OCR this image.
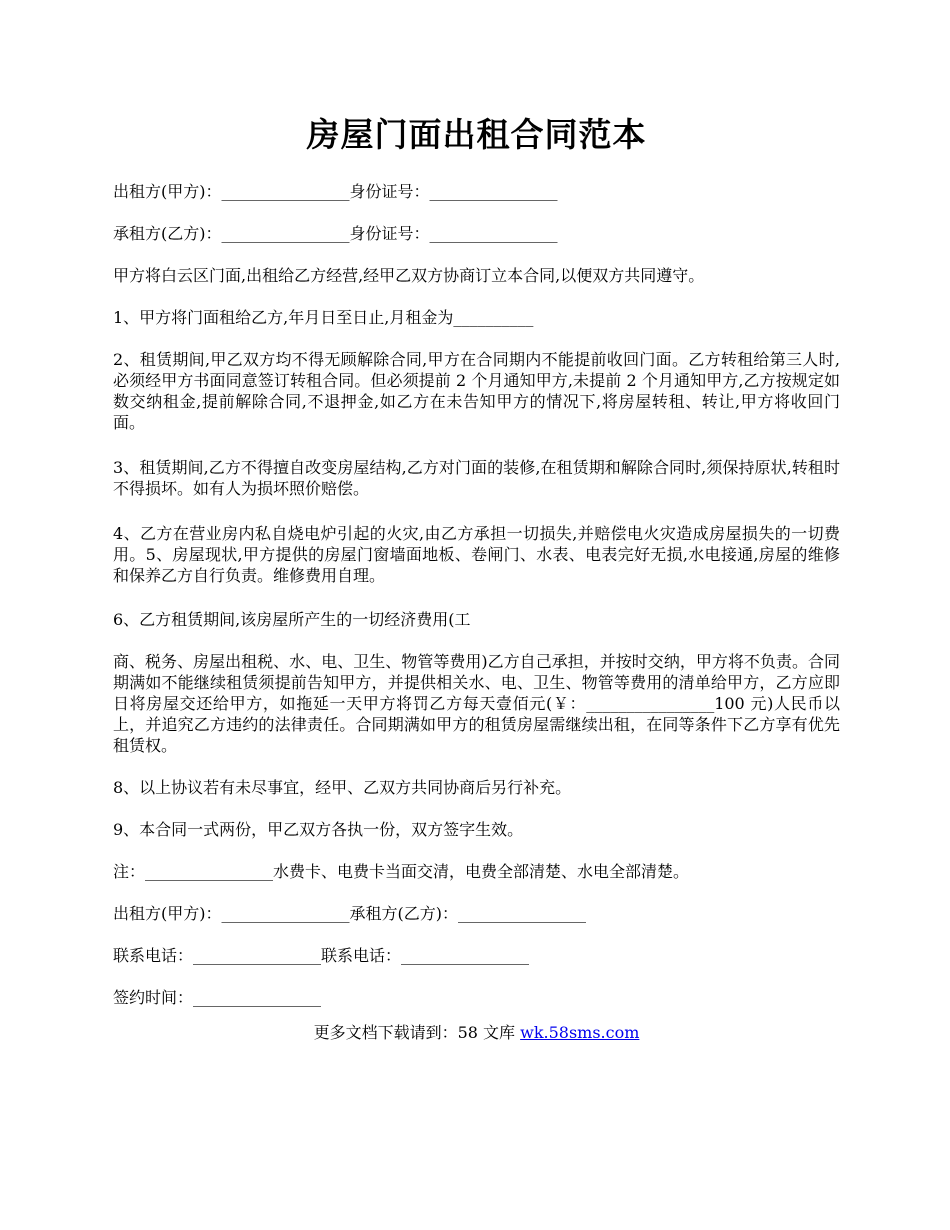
房屋门面出租合同范本
出租方(甲方)：________________身份证号：________________
承租方(乙方)：________________身份证号：________________
甲方将白云区门面,出租给乙方经营,经甲乙双方协商订立本合同,以便双方共同遵守。
1、甲方将门面租给乙方,年月日至日止,月租金为__________
2、租赁期间,甲乙双方均不得无顾解除合同,甲方在合同期内不能提前收回门面。乙方转租给第三人时,必须经甲方书面同意签订转租合同。但必须提前 2 个月通知甲方,未提前 2 个月通知甲方,乙方按规定如数交纳租金,提前解除合同,不退押金,如乙方在未告知甲方的情况下,将房屋转租、转让,甲方将收回门面。
3、租赁期间,乙方不得擅自改变房屋结构,乙方对门面的装修,在租赁期和解除合同时,须保持原状,转租时不得损坏。如有人为损坏照价赔偿。
4、乙方在营业房内私自烧电炉引起的火灾,由乙方承担一切损失,并赔偿电火灾造成房屋损失的一切费用。5、房屋现状,甲方提供的房屋门窗墙面地板、卷闸门、水表、电表完好无损,水电接通,房屋的维修和保养乙方自行负责。维修费用自理。
6、乙方租赁期间,该房屋所产生的一切经济费用(工
商、税务、房屋出租税、水、电、卫生、物管等费用)乙方自己承担，并按时交纳，甲方将不负责。合同期满如不能继续租赁须提前告知甲方，并提供相关水、电、卫生、物管等费用的清单给甲方，乙方应即日将房屋交还给甲方，如拖延一天甲方将罚乙方每天壹佰元(￥：________________100 元)人民币以上，并追究乙方违约的法律责任。合同期满如甲方的租赁房屋需继续出租，在同等条件下乙方享有优先租赁权。
8、以上协议若有未尽事宜，经甲、乙双方共同协商后另行补充。
9、本合同一式两份，甲乙双方各执一份，双方签字生效。
注：________________水费卡、电费卡当面交清，电费全部清楚、水电全部清楚。
出租方(甲方)：________________承租方(乙方)：________________
联系电话：________________联系电话：________________
签约时间：________________
更多文档下载请到：58 文库 wk.58sms.com
